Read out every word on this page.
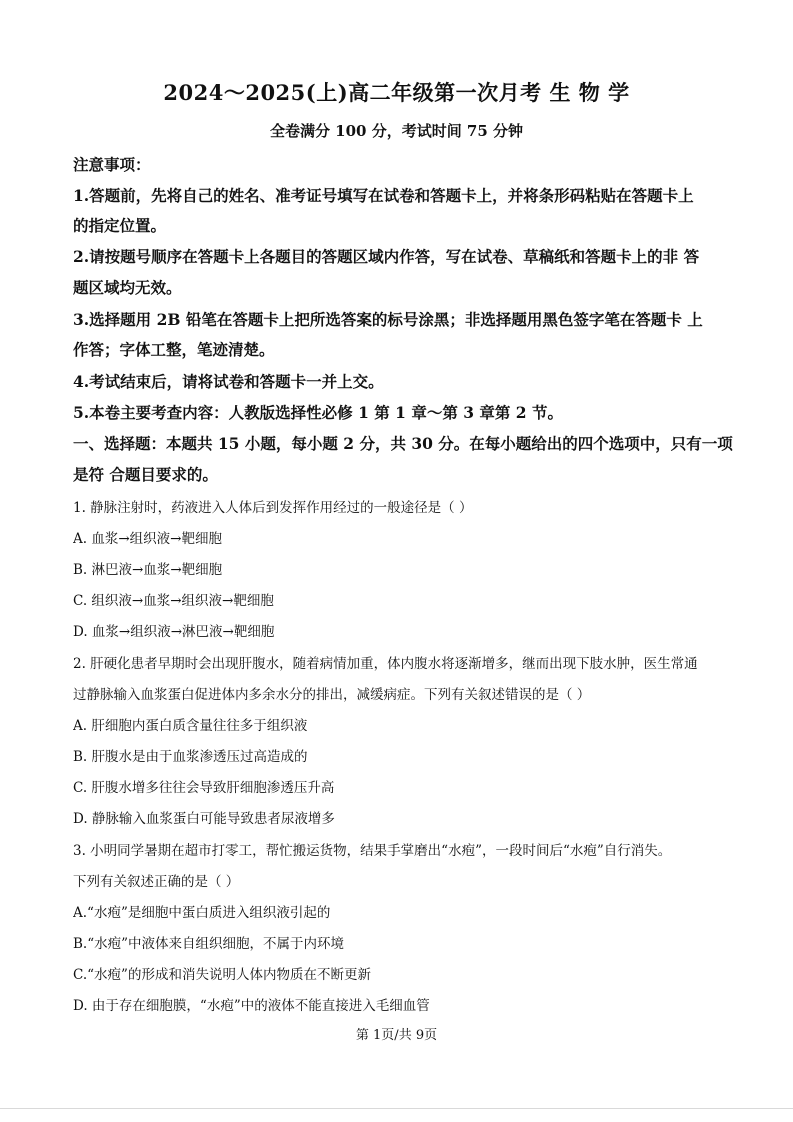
2024～2025(上)高二年级第一次月考 生 物 学
全卷满分 100 分，考试时间 75 分钟
注意事项：
1.答题前，先将自己的姓名、准考证号填写在试卷和答题卡上，并将条形码粘贴在答题卡上
的指定位置。
2.请按题号顺序在答题卡上各题目的答题区域内作答，写在试卷、草稿纸和答题卡上的非 答
题区域均无效。
3.选择题用 2B 铅笔在答题卡上把所选答案的标号涂黑；非选择题用黑色签字笔在答题卡 上
作答；字体工整，笔迹清楚。
4.考试结束后，请将试卷和答题卡一并上交。
5.本卷主要考查内容：人教版选择性必修 1 第 1 章～第 3 章第 2 节。
一、选择题：本题共 15 小题，每小题 2 分，共 30 分。在每小题给出的四个选项中，只有一项
是符 合题目要求的。
1. 静脉注射时，药液进入人体后到发挥作用经过的一般途径是（ ）
A. 血浆→组织液→靶细胞
B. 淋巴液→血浆→靶细胞
C. 组织液→血浆→组织液→靶细胞
D. 血浆→组织液→淋巴液→靶细胞
2. 肝硬化患者早期时会出现肝腹水，随着病情加重，体内腹水将逐渐增多，继而出现下肢水肿，医生常通
过静脉输入血浆蛋白促进体内多余水分的排出，减缓病症。下列有关叙述错误的是（ ）
A. 肝细胞内蛋白质含量往往多于组织液
B. 肝腹水是由于血浆渗透压过高造成的
C. 肝腹水增多往往会导致肝细胞渗透压升高
D. 静脉输入血浆蛋白可能导致患者尿液增多
3. 小明同学暑期在超市打零工，帮忙搬运货物，结果手掌磨出“水疱”，一段时间后“水疱”自行消失。
下列有关叙述正确的是（ ）
A.“水疱”是细胞中蛋白质进入组织液引起的
B.“水疱”中液体来自组织细胞，不属于内环境
C.“水疱”的形成和消失说明人体内物质在不断更新
D. 由于存在细胞膜，“水疱”中的液体不能直接进入毛细血管
第 1页/共 9页
